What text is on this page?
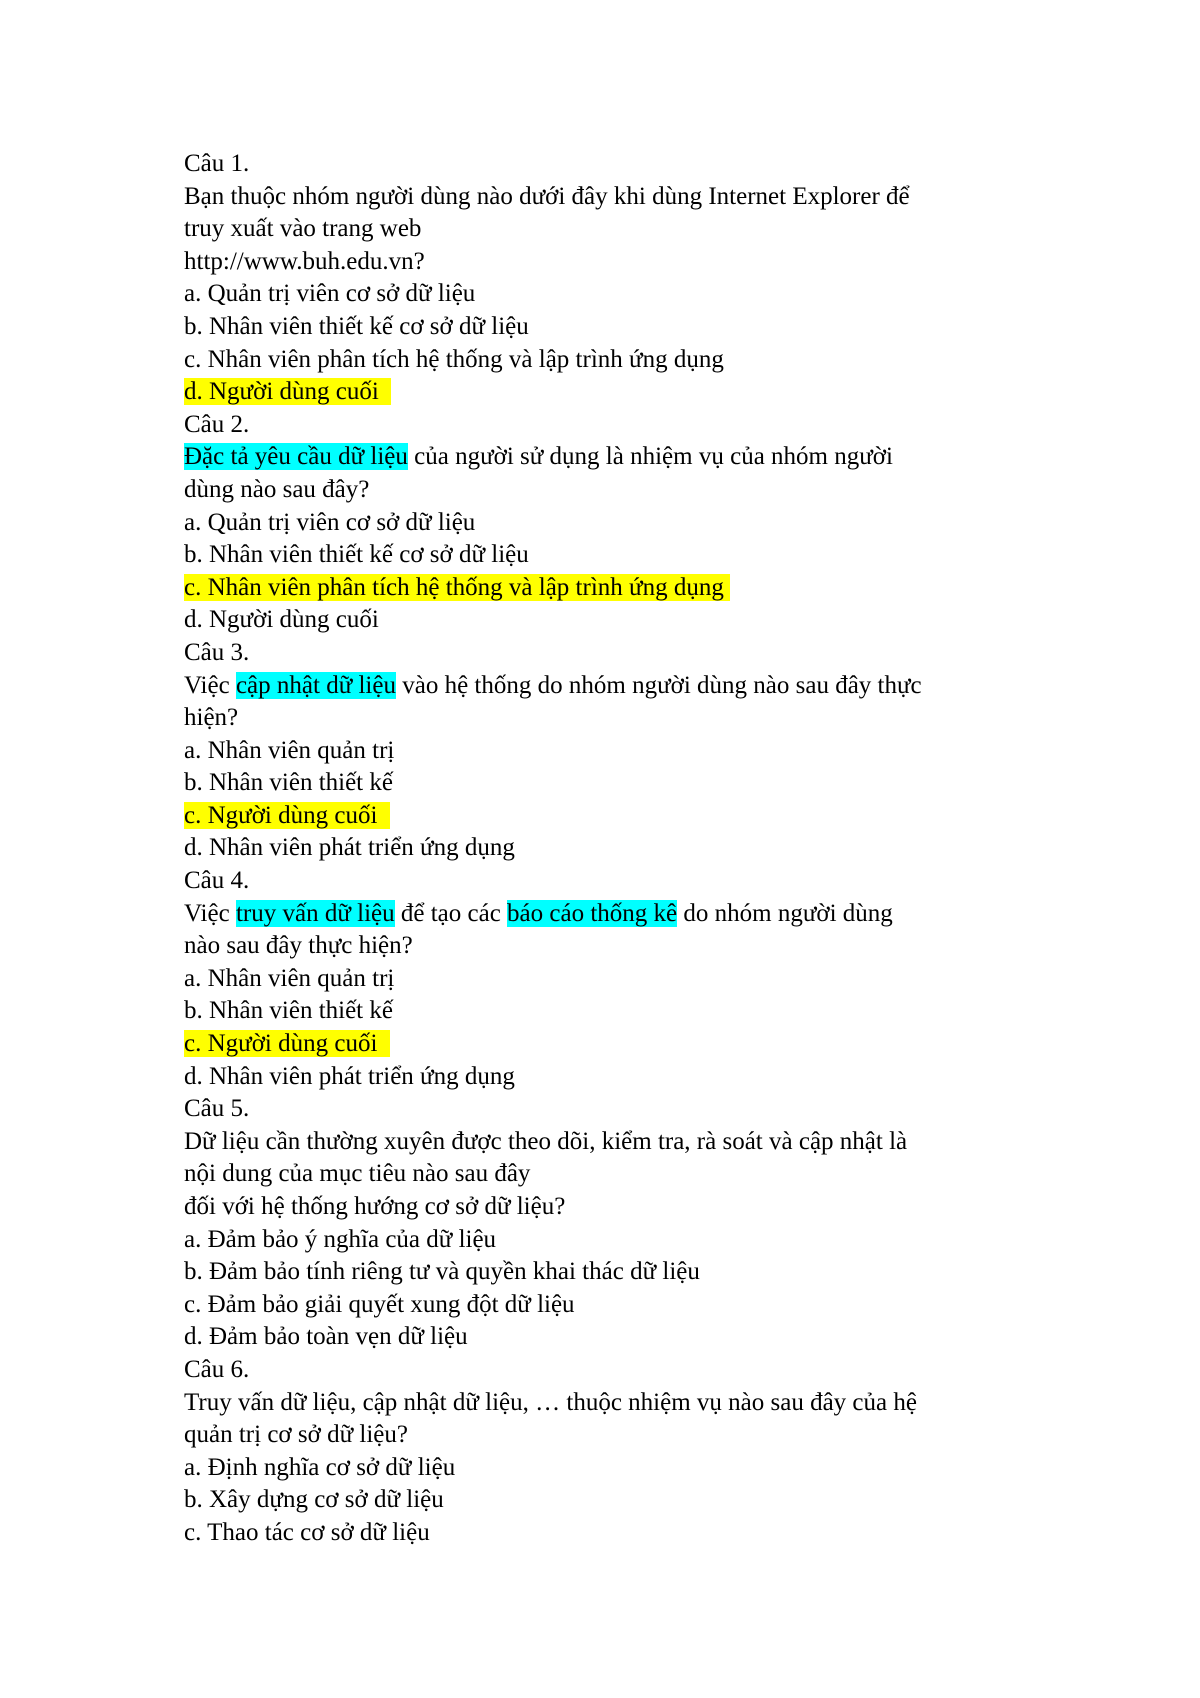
Câu 1.
Bạn thuộc nhóm người dùng nào dưới đây khi dùng Internet Explorer để
truy xuất vào trang web
http://www.buh.edu.vn?
a. Quản trị viên cơ sở dữ liệu
b. Nhân viên thiết kế cơ sở dữ liệu
c. Nhân viên phân tích hệ thống và lập trình ứng dụng
d. Người dùng cuối
Câu 2.
Đặc tả yêu cầu dữ liệu của người sử dụng là nhiệm vụ của nhóm người
dùng nào sau đây?
a. Quản trị viên cơ sở dữ liệu
b. Nhân viên thiết kế cơ sở dữ liệu
c. Nhân viên phân tích hệ thống và lập trình ứng dụng
d. Người dùng cuối
Câu 3.
Việc cập nhật dữ liệu vào hệ thống do nhóm người dùng nào sau đây thực
hiện?
a. Nhân viên quản trị
b. Nhân viên thiết kế
c. Người dùng cuối
d. Nhân viên phát triển ứng dụng
Câu 4.
Việc truy vấn dữ liệu để tạo các báo cáo thống kê do nhóm người dùng
nào sau đây thực hiện?
a. Nhân viên quản trị
b. Nhân viên thiết kế
c. Người dùng cuối
d. Nhân viên phát triển ứng dụng
Câu 5.
Dữ liệu cần thường xuyên được theo dõi, kiểm tra, rà soát và cập nhật là
nội dung của mục tiêu nào sau đây
đối với hệ thống hướng cơ sở dữ liệu?
a. Đảm bảo ý nghĩa của dữ liệu
b. Đảm bảo tính riêng tư và quyền khai thác dữ liệu
c. Đảm bảo giải quyết xung đột dữ liệu
d. Đảm bảo toàn vẹn dữ liệu
Câu 6.
Truy vấn dữ liệu, cập nhật dữ liệu, … thuộc nhiệm vụ nào sau đây của hệ
quản trị cơ sở dữ liệu?
a. Định nghĩa cơ sở dữ liệu
b. Xây dựng cơ sở dữ liệu
c. Thao tác cơ sở dữ liệu
